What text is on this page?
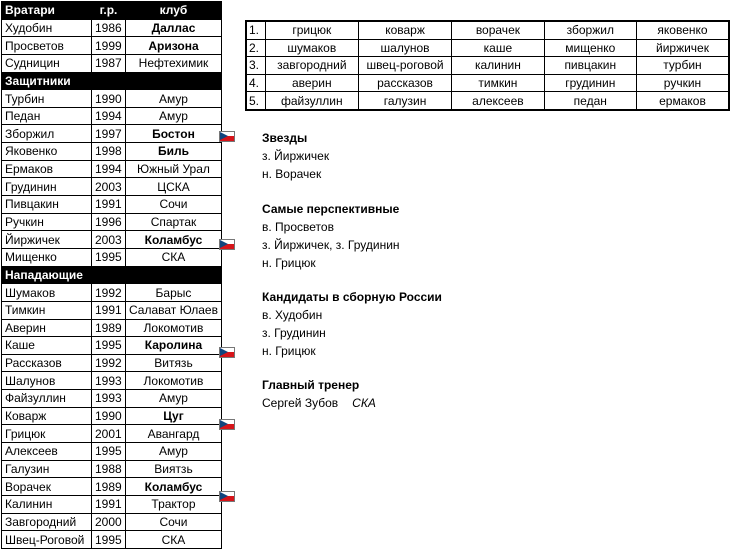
Вратари	г.р.	клуб
Худобин	1986	Даллас
Просветов	1999	Аризона
Судницин	1987	Нефтехимик
Защитники		
Турбин	1990	Амур
Педан	1994	Амур
Зборжил	1997	Бостон
Яковенко	1998	Биль
Ермаков	1994	Южный Урал
Грудинин	2003	ЦСКА
Пивцакин	1991	Сочи
Ручкин	1996	Спартак
Йиржичек	2003	Коламбус
Мищенко	1995	СКА
Нападающие		
Шумаков	1992	Барыс
Тимкин	1991	Салават Юлаев
Аверин	1989	Локомотив
Каше	1995	Каролина
Рассказов	1992	Витязь
Шалунов	1993	Локомотив
Файзуллин	1993	Амур
Коварж	1990	Цуг
Грицюк	2001	Авангард
Алексеев	1995	Амур
Галузин	1988	Виятзь
Ворачек	1989	Коламбус
Калинин	1991	Трактор
Завгородний	2000	Сочи
Швец-Роговой	1995	СКА
1.	грицюк	коварж	ворачек	зборжил	яковенко
2.	шумаков	шалунов	каше	мищенко	йиржичек
3.	завгородний	швец-роговой	калинин	пивцакин	турбин
4.	аверин	рассказов	тимкин	грудинин	ручкин
5.	файзуллин	галузин	алексеев	педан	ермаков
Звезды
з. Йиржичек
н. Ворачек
Самые перспективные
в. Просветов
з. Йиржичек, з. Грудинин
н. Грицюк
Кандидаты в сборную России
в. Худобин
з. Грудинин
н. Грицюк
Главный тренер
Сергей Зубов СКА
